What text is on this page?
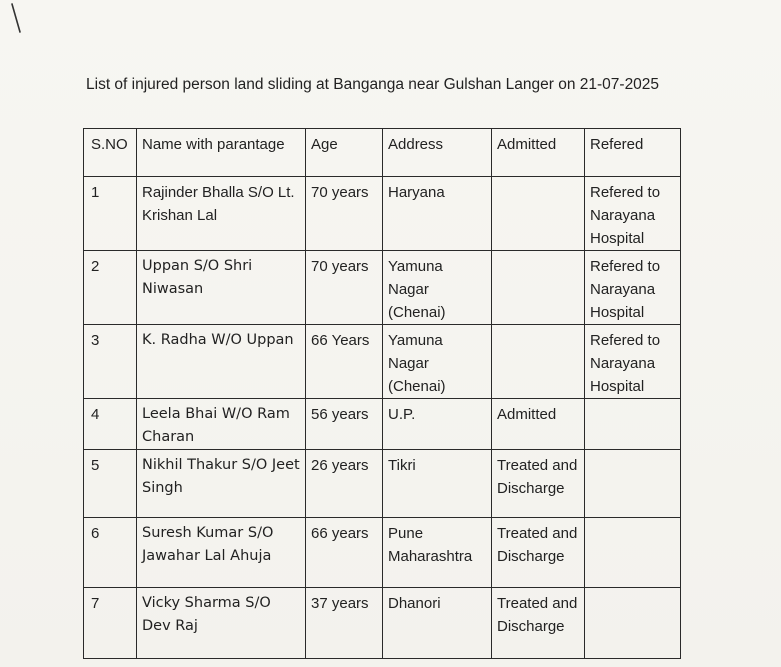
List of injured person land sliding at Banganga near Gulshan Langer on 21-07-2025
S.NO	Name with parantage	Age	Address	Admitted	Refered
1	Rajinder Bhalla S/O Lt. Krishan Lal	70 years	Haryana		Refered to Narayana Hospital
2	Uppan S/O Shri Niwasan	70 years	Yamuna Nagar (Chenai)		Refered to Narayana Hospital
3	K. Radha W/O Uppan	66 Years	Yamuna Nagar (Chenai)		Refered to Narayana Hospital
4	Leela Bhai W/O Ram Charan	56 years	U.P.	Admitted	
5	Nikhil Thakur S/O Jeet Singh	26 years	Tikri	Treated and Discharge	
6	Suresh Kumar S/O Jawahar Lal Ahuja	66 years	Pune Maharashtra	Treated and Discharge	
7	Vicky Sharma S/O Dev Raj	37 years	Dhanori	Treated and Discharge	
